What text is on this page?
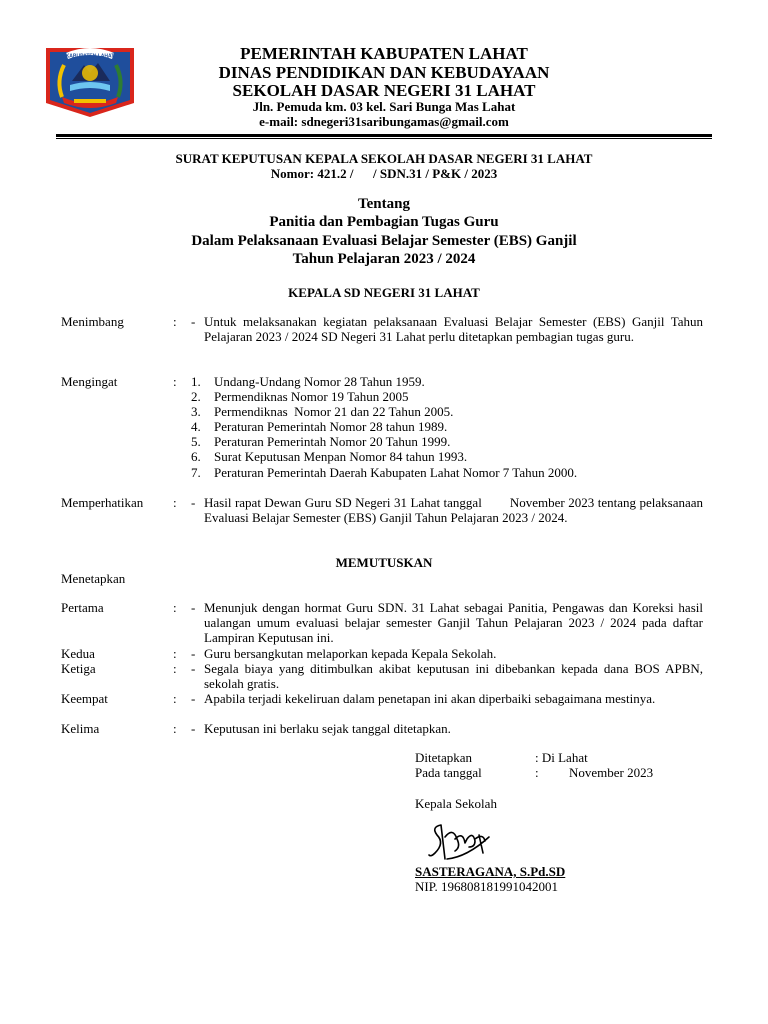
KABUPATEN LAHAT	PEMERINTAH KABUPATEN LAHAT
DINAS PENDIDIKAN DAN KEBUDAYAAN
SEKOLAH DASAR NEGERI 31 LAHAT
Jln. Pemuda km. 03 kel. Sari Bunga Mas Lahat
e-mail: sdnegeri31saribungamas@gmail.com
SURAT KEPUTUSAN KEPALA SEKOLAH DASAR NEGERI 31 LAHAT
Nomor: 421.2 /      / SDN.31 / P&K / 2023
Tentang
Panitia dan Pembagian Tugas Guru
Dalam Pelaksanaan Evaluasi Belajar Semester (EBS) Ganjil
Tahun Pelajaran 2023 / 2024
KEPALA SD NEGERI 31 LAHAT
Menimbang	: - Untuk melaksanakan kegiatan pelaksanaan Evaluasi Belajar Semester (EBS) Ganjil Tahun Pelajaran 2023 / 2024 SD Negeri 31 Lahat perlu ditetapkan pembagian tugas guru.
Mengingat	: 1. Undang-Undang Nomor 28 Tahun 1959.
2. Permendiknas Nomor 19 Tahun 2005
3. Permendiknas  Nomor 21 dan 22 Tahun 2005.
4. Peraturan Pemerintah Nomor 28 tahun 1989.
5. Peraturan Pemerintah Nomor 20 Tahun 1999.
6. Surat Keputusan Menpan Nomor 84 tahun 1993.
7. Peraturan Pemerintah Daerah Kabupaten Lahat Nomor 7 Tahun 2000.
Memperhatikan : - Hasil rapat Dewan Guru SD Negeri 31 Lahat tanggal        November 2023 tentang pelaksanaan Evaluasi Belajar Semester (EBS) Ganjil Tahun Pelajaran 2023 / 2024.
MEMUTUSKAN
Menetapkan
Pertama	: - Menunjuk dengan hormat Guru SDN. 31 Lahat sebagai Panitia, Pengawas dan Koreksi hasil ualangan umum evaluasi belajar semester Ganjil Tahun Pelajaran 2023 / 2024 pada daftar Lampiran Keputusan ini.
Kedua	: - Guru bersangkutan melaporkan kepada Kepala Sekolah.
Ketiga	: - Segala biaya yang ditimbulkan akibat keputusan ini dibebankan kepada dana BOS APBN, sekolah gratis.
Keempat	: - Apabila terjadi kekeliruan dalam penetapan ini akan diperbaiki sebagaimana mestinya.
Kelima	: - Keputusan ini berlaku sejak tanggal ditetapkan.
Ditetapkan	: Di Lahat
Pada tanggal	: November 2023
Kepala Sekolah
SASTERAGANA, S.Pd.SD
NIP. 196808181991042001
